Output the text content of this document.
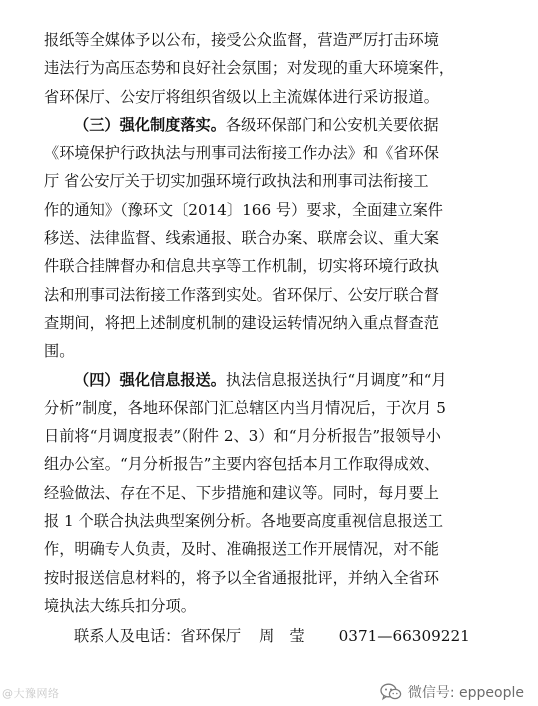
报纸等全媒体予以公布，接受公众监督，营造严厉打击环境
违法行为高压态势和良好社会氛围；对发现的重大环境案件，
省环保厅、公安厅将组织省级以上主流媒体进行采访报道。
（三）强化制度落实。各级环保部门和公安机关要依据
《环境保护行政执法与刑事司法衔接工作办法》和《省环保
厅 省公安厅关于切实加强环境行政执法和刑事司法衔接工
作的通知》（豫环文〔2014〕166 号）要求，全面建立案件
移送、法律监督、线索通报、联合办案、联席会议、重大案
件联合挂牌督办和信息共享等工作机制，切实将环境行政执
法和刑事司法衔接工作落到实处。省环保厅、公安厅联合督
查期间，将把上述制度机制的建设运转情况纳入重点督查范
围。
（四）强化信息报送。执法信息报送执行“月调度”和“月
分析”制度，各地环保部门汇总辖区内当月情况后，于次月 5
日前将“月调度报表”（附件 2、3）和“月分析报告”报领导小
组办公室。“月分析报告”主要内容包括本月工作取得成效、
经验做法、存在不足、下步措施和建议等。同时，每月要上
报 1 个联合执法典型案例分析。各地要高度重视信息报送工
作，明确专人负责，及时、准确报送工作开展情况，对不能
按时报送信息材料的，将予以全省通报批评，并纳入全省环
境执法大练兵扣分项。
联系人及电话：省环保厅 周　莹 0371—66309221
@大豫网络	微信号: eppeople
